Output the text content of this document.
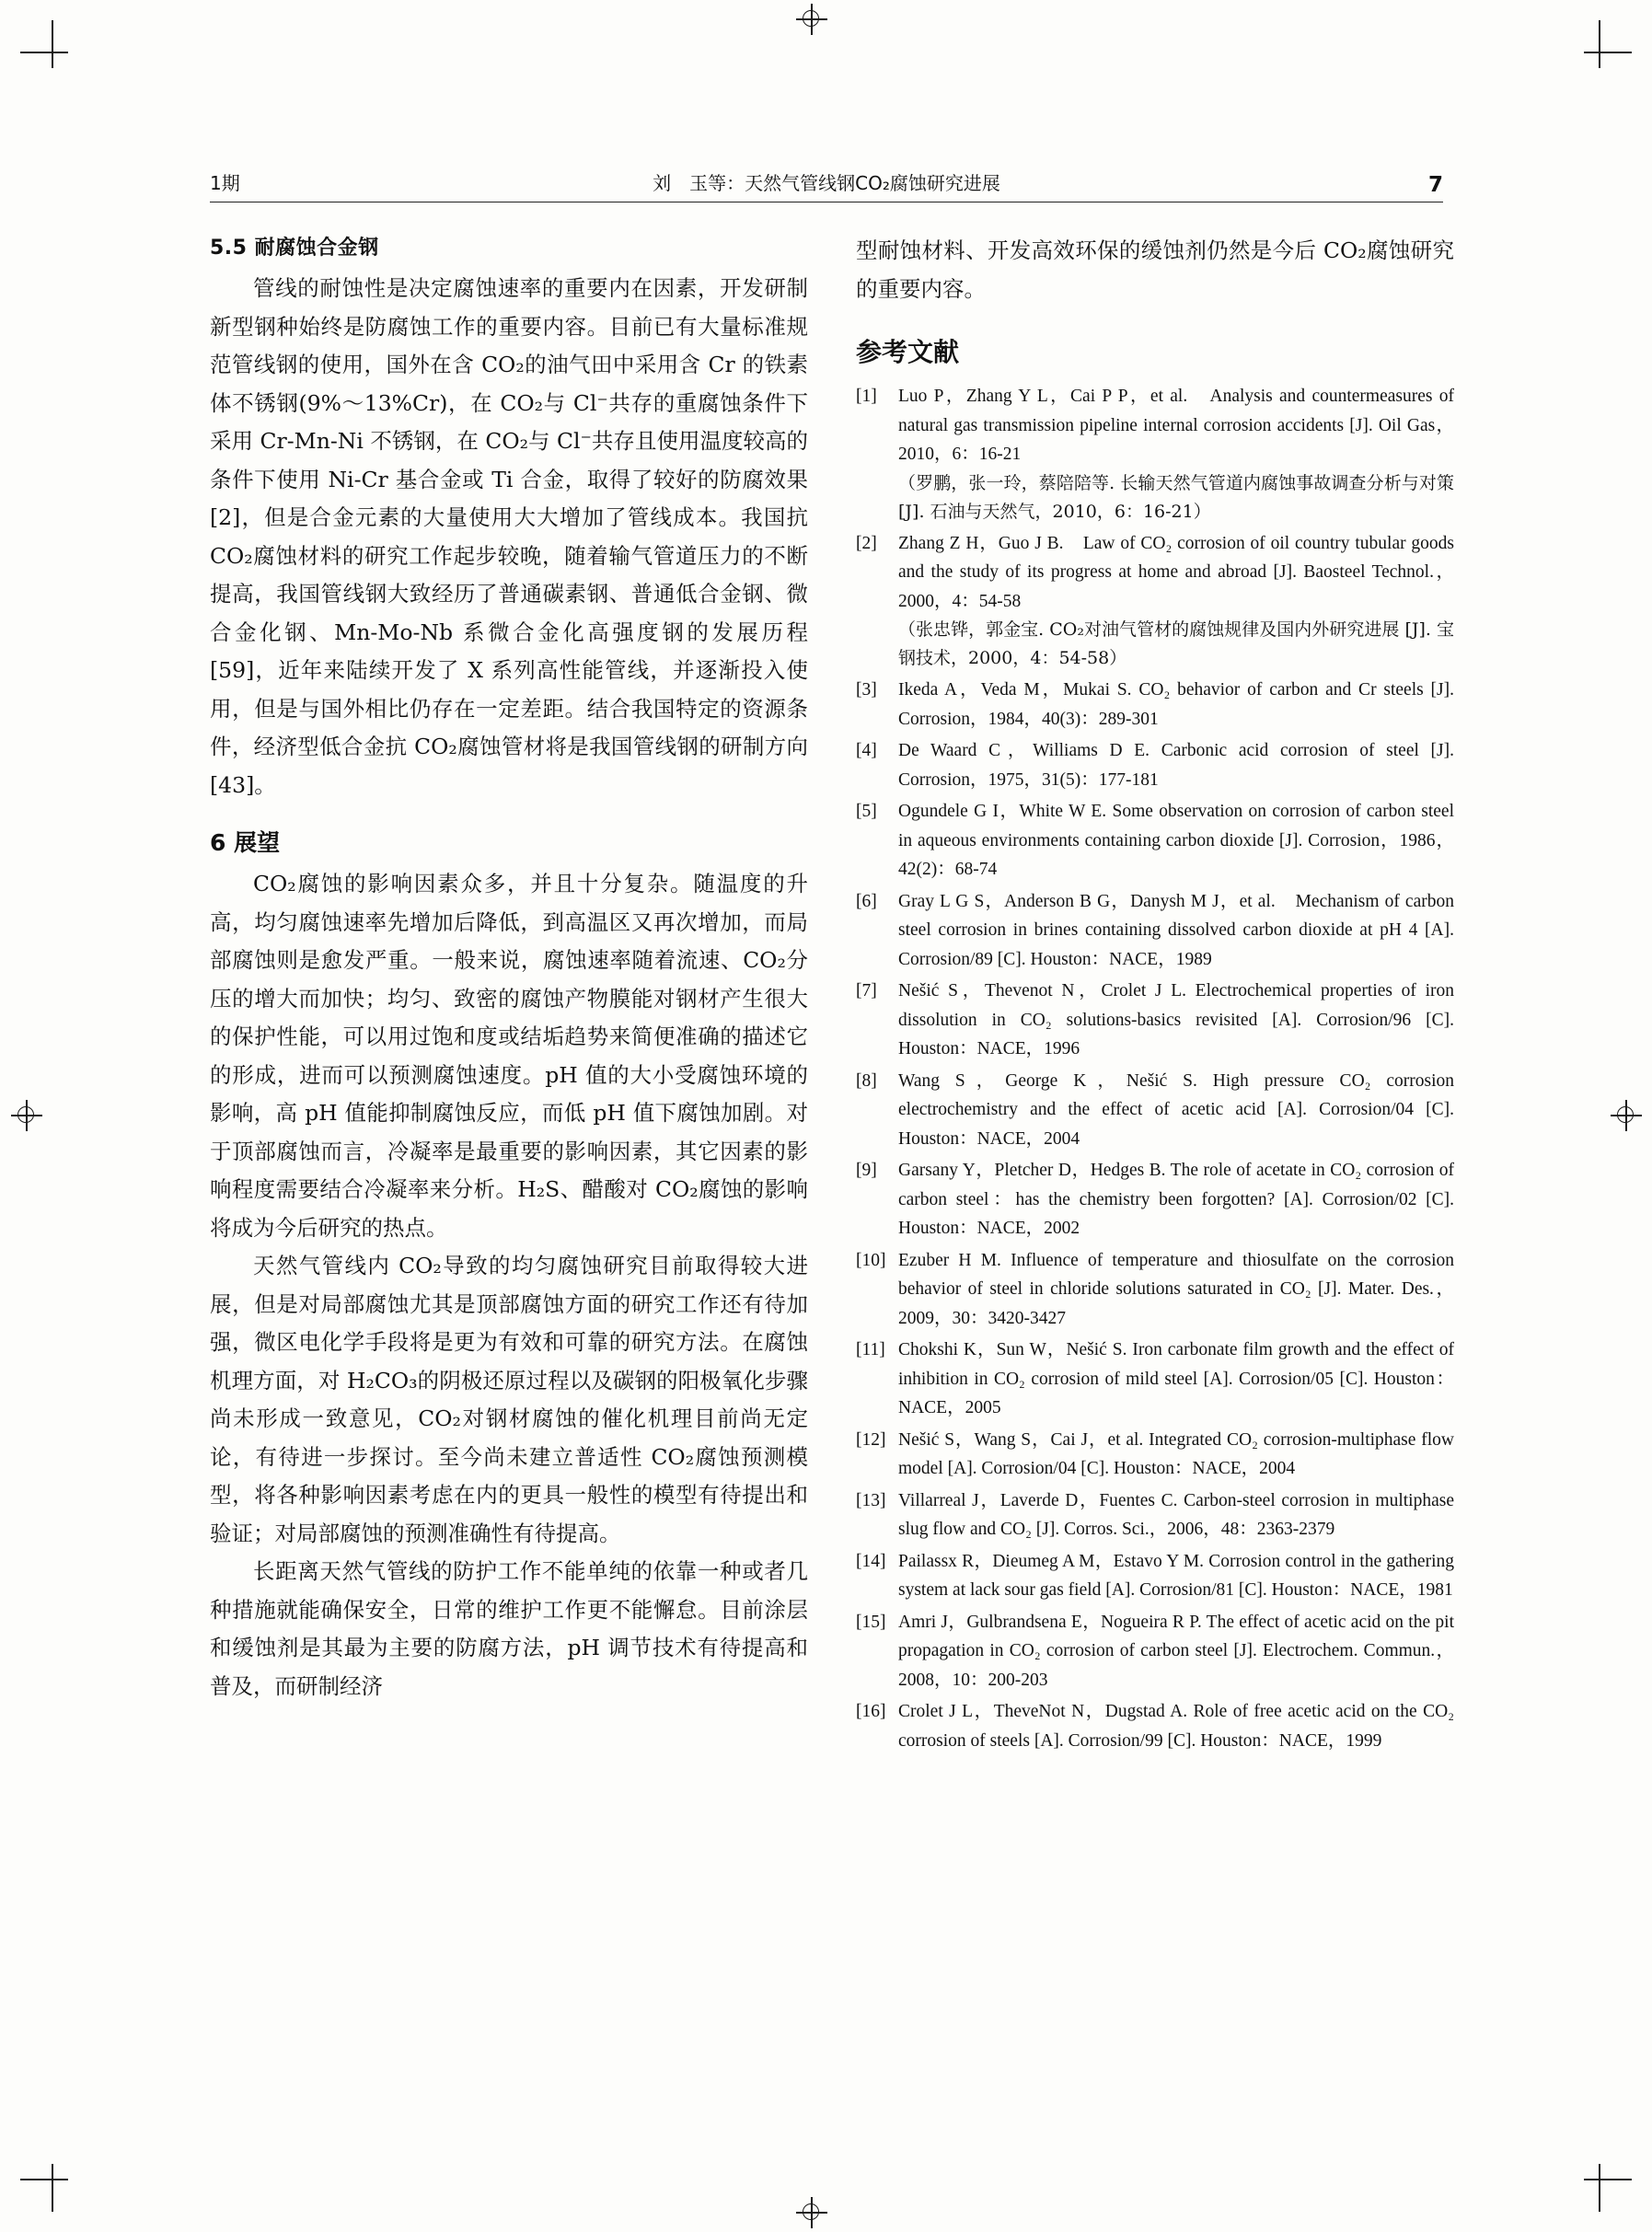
1期	刘　玉等：天然气管线钢CO₂腐蚀研究进展	7
5.5 耐腐蚀合金钢

管线的耐蚀性是决定腐蚀速率的重要内在因素，开发研制新型钢种始终是防腐蚀工作的重要内容。目前已有大量标准规范管线钢的使用，国外在含 CO₂的油气田中采用含 Cr 的铁素体不锈钢(9%～13%Cr)，在 CO₂与 Cl⁻共存的重腐蚀条件下采用 Cr-Mn-Ni 不锈钢，在 CO₂与 Cl⁻共存且使用温度较高的条件下使用 Ni-Cr 基合金或 Ti 合金，取得了较好的防腐效果[2]，但是合金元素的大量使用大大增加了管线成本。我国抗 CO₂腐蚀材料的研究工作起步较晚，随着输气管道压力的不断提高，我国管线钢大致经历了普通碳素钢、普通低合金钢、微合金化钢、Mn-Mo-Nb 系微合金化高强度钢的发展历程[59]，近年来陆续开发了 X 系列高性能管线，并逐渐投入使用，但是与国外相比仍存在一定差距。结合我国特定的资源条件，经济型低合金抗 CO₂腐蚀管材将是我国管线钢的研制方向[43]。

6 展望

CO₂腐蚀的影响因素众多，并且十分复杂。随温度的升高，均匀腐蚀速率先增加后降低，到高温区又再次增加，而局部腐蚀则是愈发严重。一般来说，腐蚀速率随着流速、CO₂分压的增大而加快；均匀、致密的腐蚀产物膜能对钢材产生很大的保护性能，可以用过饱和度或结垢趋势来简便准确的描述它的形成，进而可以预测腐蚀速度。pH 值的大小受腐蚀环境的影响，高 pH 值能抑制腐蚀反应，而低 pH 值下腐蚀加剧。对于顶部腐蚀而言，冷凝率是最重要的影响因素，其它因素的影响程度需要结合冷凝率来分析。H₂S、醋酸对 CO₂腐蚀的影响将成为今后研究的热点。

天然气管线内 CO₂导致的均匀腐蚀研究目前取得较大进展，但是对局部腐蚀尤其是顶部腐蚀方面的研究工作还有待加强，微区电化学手段将是更为有效和可靠的研究方法。在腐蚀机理方面，对 H₂CO₃的阴极还原过程以及碳钢的阳极氧化步骤尚未形成一致意见，CO₂对钢材腐蚀的催化机理目前尚无定论，有待进一步探讨。至今尚未建立普适性 CO₂腐蚀预测模型，将各种影响因素考虑在内的更具一般性的模型有待提出和验证；对局部腐蚀的预测准确性有待提高。

长距离天然气管线的防护工作不能单纯的依靠一种或者几种措施就能确保安全，日常的维护工作更不能懈怠。目前涂层和缓蚀剂是其最为主要的防腐方法，pH 调节技术有待提高和普及，而研制经济

型耐蚀材料、开发高效环保的缓蚀剂仍然是今后 CO₂腐蚀研究的重要内容。

参考文献
[1]	Luo P，Zhang Y L，Cai P P，et al.　Analysis and countermeasures of natural gas transmission pipeline internal corrosion accidents [J]. Oil Gas，2010，6：16-21
（罗鹏，张一玲，蔡陪陪等. 长输天然气管道内腐蚀事故调查分析与对策 [J]. 石油与天然气，2010，6：16-21）
[2]	Zhang Z H，Guo J B.　Law of CO₂ corrosion of oil country tubular goods and the study of its progress at home and abroad [J]. Baosteel Technol.，2000，4：54-58
（张忠铧，郭金宝. CO₂对油气管材的腐蚀规律及国内外研究进展 [J]. 宝钢技术，2000，4：54-58）
[3]	Ikeda A，Veda M，Mukai S. CO₂ behavior of carbon and Cr steels [J]. Corrosion，1984，40(3)：289-301
[4]	De Waard C，Williams D E. Carbonic acid corrosion of steel [J]. Corrosion，1975，31(5)：177-181
[5]	Ogundele G I，White W E. Some observation on corrosion of carbon steel in aqueous environments containing carbon dioxide [J]. Corrosion，1986，42(2)：68-74
[6]	Gray L G S，Anderson B G，Danysh M J，et al.　Mechanism of carbon steel corrosion in brines containing dissolved carbon dioxide at pH 4 [A]. Corrosion/89 [C]. Houston：NACE，1989
[7]	Nešić S，Thevenot N，Crolet J L. Electrochemical properties of iron dissolution in CO₂ solutions-basics revisited [A]. Corrosion/96 [C]. Houston：NACE，1996
[8]	Wang S，George K，Nešić S. High pressure CO₂ corrosion electrochemistry and the effect of acetic acid [A]. Corrosion/04 [C]. Houston：NACE，2004
[9]	Garsany Y，Pletcher D，Hedges B. The role of acetate in CO₂ corrosion of carbon steel：has the chemistry been forgotten? [A]. Corrosion/02 [C]. Houston：NACE，2002
[10] Ezuber H M. Influence of temperature and thiosulfate on the corrosion behavior of steel in chloride solutions saturated in CO₂ [J]. Mater. Des.，2009，30：3420-3427
[11] Chokshi K，Sun W，Nešić S. Iron carbonate film growth and the effect of inhibition in CO₂ corrosion of mild steel [A]. Corrosion/05 [C]. Houston：NACE，2005
[12] Nešić S，Wang S，Cai J，et al. Integrated CO₂ corrosion-multiphase flow model [A]. Corrosion/04 [C]. Houston：NACE，2004
[13] Villarreal J，Laverde D，Fuentes C. Carbon-steel corrosion in multiphase slug flow and CO₂ [J]. Corros. Sci.，2006，48：2363-2379
[14] Pailassx R，Dieumeg A M，Estavo Y M. Corrosion control in the gathering system at lack sour gas field [A]. Corrosion/81 [C]. Houston：NACE，1981
[15] Amri J，Gulbrandsena E，Nogueira R P. The effect of acetic acid on the pit propagation in CO₂ corrosion of carbon steel [J]. Electrochem. Commun.，2008，10：200-203
[16] Crolet J L，TheveNot N，Dugstad A. Role of free acetic acid on the CO₂ corrosion of steels [A]. Corrosion/99 [C]. Houston：NACE，1999
